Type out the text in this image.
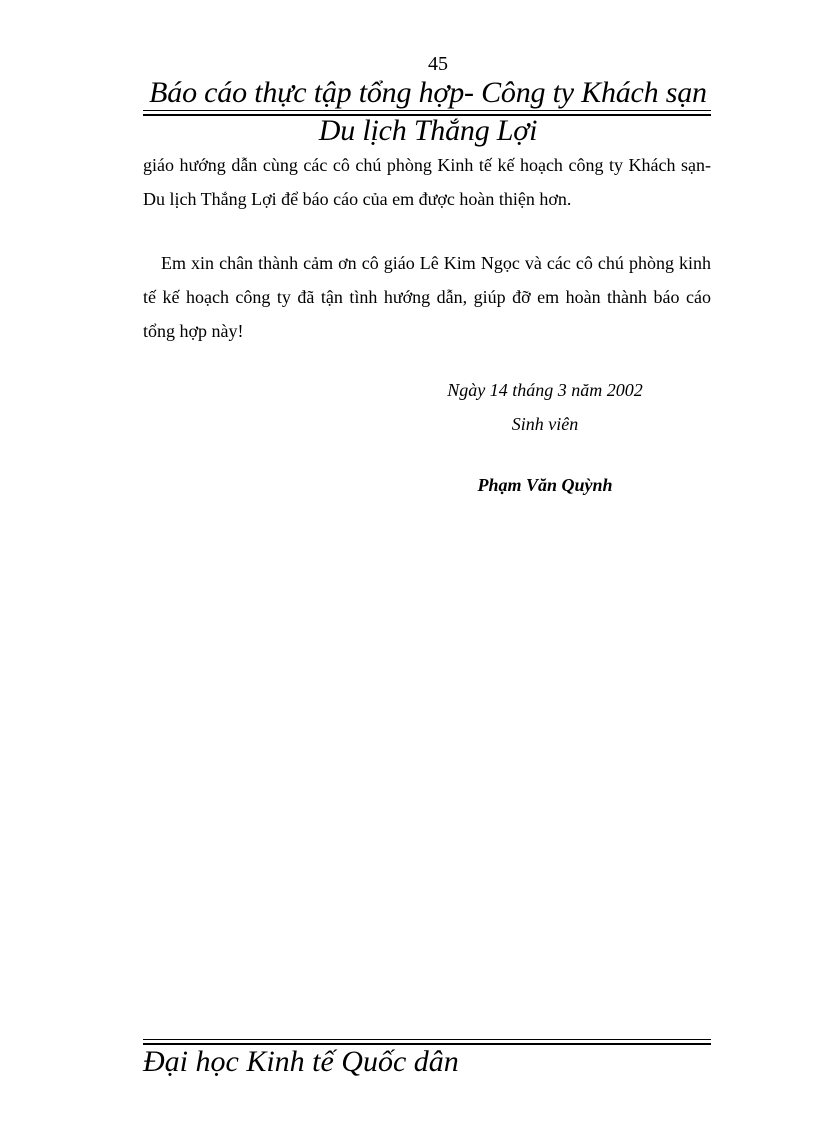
45
Báo cáo thực tập tổng hợp- Công ty Khách sạn
Du lịch Thắng Lợi
giáo hướng dẫn cùng các cô chú phòng Kinh tế kế hoạch công ty Khách sạn- Du lịch Thắng Lợi để báo cáo của em được hoàn thiện hơn.
Em xin chân thành cảm ơn cô giáo Lê Kim Ngọc và các cô chú phòng kinh tế kế hoạch công ty đã tận tình hướng dẫn, giúp đỡ em hoàn thành báo cáo tổng hợp này!
Ngày 14 tháng 3 năm 2002
Sinh viên
Phạm Văn Quỳnh
Đại học Kinh tế Quốc dân
